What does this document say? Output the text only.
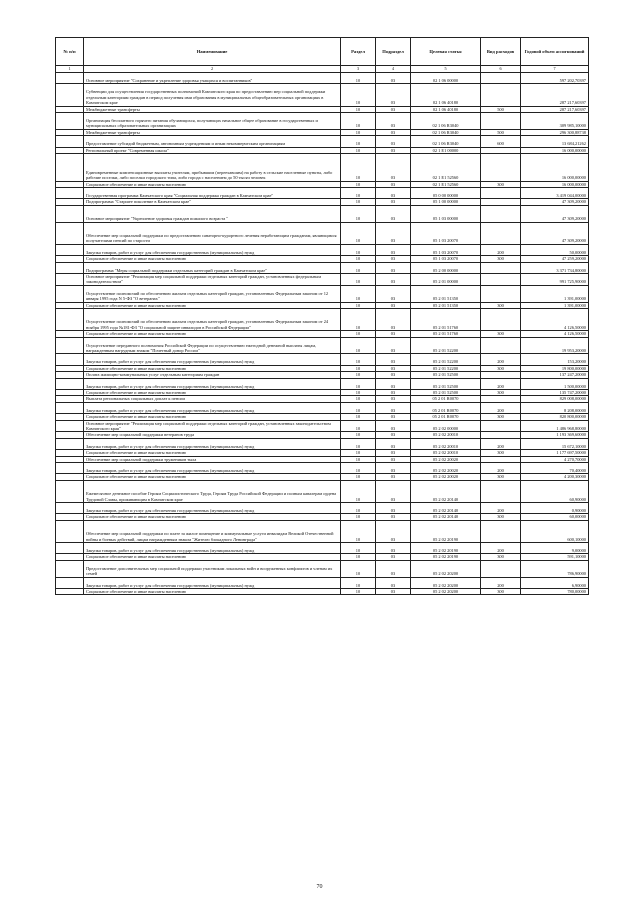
№ п/п	Наименование	Раздел	Подраздел	Целевая статья	Вид расходов	Годовой объем ассигнований
1	2	3	4	5	6	7
	Основное мероприятие "Сохранение и укрепление здоровья учащихся и воспитанников"	10	03	02 1 06 00000		597 202,70397
	Субвенции для осуществления государственных полномочий Камчатского края по предоставлению мер социальной поддержки отдельным категориям граждан в период получения ими образования в муниципальных общеобразовательных организациях в Камчатском крае	10	03	02 1 06 40180		287 217,60397
	Межбюджетные трансферты	10	03	02 1 06 40180	500	287 217,60397
	Организация бесплатного горячего питания обучающихся, получающих начальное общее образование в государственных и муниципальных образовательных организациях	10	03	02 1 06 R3040		309 985,10000
	Межбюджетные трансферты	10	03	02 1 06 R3040	500	296 300,88738
	Предоставление субсидий бюджетным, автономным учреждениям и иным некоммерческим организациям	10	03	02 1 06 R3040	600	13 684,21262
	Региональный проект "Современная школа"	10	03	02 1 E1 00000		16 000,00000
	Единовременные компенсационные выплаты учителям, прибывшим (переехавшим) на работу в сельские населенные пункты, либо рабочие поселки, либо поселки городского типа, либо города с населением до 50 тысяч человек	10	03	02 1 E1 52560		16 000,00000
	Социальное обеспечение и иные выплаты населению	10	03	02 1 E1 52560	300	16 000,00000
	Государственная программа Камчатского края "Социальная поддержка граждан в Камчатском крае"	10	03	05 0 00 00000		3 419 044,00000
	Подпрограмма "Старшее поколение в Камчатском крае"	10	03	05 1 00 00000		47 309,20000
	Основное мероприятие "Укрепление здоровья граждан пожилого возраста "	10	03	05 1 03 00000		47 309,20000
	Обеспечение мер социальной поддержки по предоставлению санаторно-курортного лечения неработающим гражданам, являющимся получателями пенсий по старости	10	03	05 1 03 20070		47 309,20000
	Закупка товаров, работ и услуг для обеспечения государственных (муниципальных) нужд	10	03	05 1 03 20070	200	50,00000
	Социальное обеспечение и иные выплаты населению	10	03	05 1 03 20070	300	47 259,20000
	Подпрограмма "Меры социальной поддержки отдельных категорий граждан в Камчатском крае"	10	03	05 2 00 00000		3 371 734,80000
	Основное мероприятие "Реализация мер социальной поддержки отдельных категорий граждан, установленных федеральным законодательством"	10	03	05 2 01 00000		991 725,90000
	Осуществление полномочий по обеспечению жильем отдельных категорий граждан, установленных Федеральным законом от 12 января 1995 года N 5-ФЗ "О ветеранах"	10	03	05 2 01 51350		1 391,00000
	Социальное обеспечение и иные выплаты населению	10	03	05 2 01 51350	300	1 391,00000
	Осуществление полномочий по обеспечению жильем отдельных категорий граждан, установленных Федеральным законом от 24 ноября 1995 года №181-ФЗ "О социальной защите инвалидов в Российской Федерации"	10	03	05 2 01 51760		4 126,50000
	Социальное обеспечение и иные выплаты населению	10	03	05 2 01 51760	300	4 126,50000
	Осуществление переданного полномочия Российской Федерации по осуществлению ежегодной денежной выплаты лицам, награжденным нагрудным знаком "Почетный донор России"	10	03	05 2 01 52200		19 953,20000
	Закупка товаров, работ и услуг для обеспечения государственных (муниципальных) нужд	10	03	05 2 01 52200	200	153,20000
	Социальное обеспечение и иные выплаты населению	10	03	05 2 01 52200	300	19 800,00000
	Оплата жилищно-коммунальных услуг отдельным категориям граждан	10	03	05 2 01 52500		137 247,20000
	Закупка товаров, работ и услуг для обеспечения государственных (муниципальных) нужд	10	03	05 2 01 52500	200	1 500,00000
	Социальное обеспечение и иные выплаты населению	10	03	05 2 01 52500	300	135 747,20000
	Выплата региональных социальных доплат к пенсии	10	03	05 2 01 R0070		829 008,00000
	Закупка товаров, работ и услуг для обеспечения государственных (муниципальных) нужд	10	03	05 2 01 R0070	200	8 208,00000
	Социальное обеспечение и иные выплаты населению	10	03	05 2 01 R0070	300	820 800,00000
	Основное мероприятие "Реализация мер социальной поддержки отдельных категорий граждан, установленных законодательством Камчатского края"	10	03	05 2 02 00000		1 486 968,80000
	Обеспечение мер социальной поддержки ветеранов труда	10	03	05 2 02 20010		1 193 369,60000
	Закупка товаров, работ и услуг для обеспечения государственных (муниципальных) нужд	10	03	05 2 02 20010	200	15 672,10000
	Социальное обеспечение и иные выплаты населению	10	03	05 2 02 20010	300	1 177 697,50000
	Обеспечение мер социальной поддержки тружеников тыла	10	03	05 2 02 20020		4 270,70000
	Закупка товаров, работ и услуг для обеспечения государственных (муниципальных) нужд	10	03	05 2 02 20020	200	70,40000
	Социальное обеспечение и иные выплаты населению	10	03	05 2 02 20020	300	4 200,30000
	Ежемесячное денежное пособие Героям Социалистического Труда, Героям Труда Российской Федерации и полным кавалерам ордена Трудовой Славы, проживающим в Камчатском крае	10	03	05 2 02 20140		60,90000
	Закупка товаров, работ и услуг для обеспечения государственных (муниципальных) нужд	10	03	05 2 02 20140	200	0,90000
	Социальное обеспечение и иные выплаты населению	10	03	05 2 02 20140	300	60,00000
	Обеспечение мер социальной поддержки по плате за жилое помещение и коммунальные услуги инвалидам Великой Отечественной войны и боевых действий, лицам награжденным знаком "Жителю блокадного Ленинграда"	10	03	05 2 02 20190		600,10000
	Закупка товаров, работ и услуг для обеспечения государственных (муниципальных) нужд	10	03	05 2 02 20190	200	9,00000
	Социальное обеспечение и иные выплаты населению	10	03	05 2 02 20190	300	591,10000
	Предоставление дополнительных мер социальной поддержки участникам локальных войн и вооруженных конфликтов и членам их семей	10	03	05 2 02 20200		786,90000
	Закупка товаров, работ и услуг для обеспечения государственных (муниципальных) нужд	10	03	05 2 02 20200	200	6,90000
	Социальное обеспечение и иные выплаты населению	10	03	05 2 02 20200	300	780,00000
70
